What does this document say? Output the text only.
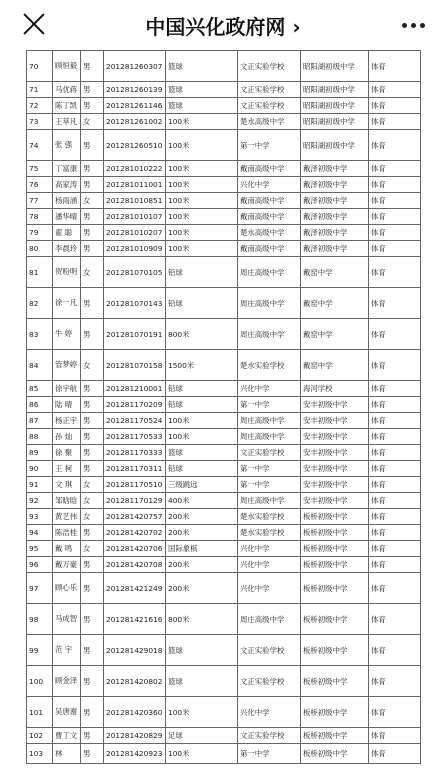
中国兴化政府网 ›
70	顾恒毅	男	201281260307	篮球	文正实验学校	昭阳湖初级中学	体育
71	马优蒋	男	201281260139	篮球	文正实验学校	昭阳湖初级中学	体育
72	陈丁凯	男	201281261146	篮球	文正实验学校	昭阳湖初级中学	体育
73	王萃凡	女	201281261002	100米	楚水高级中学	昭阳湖初级中学	体育
74	张 强	男	201281260510	100米	第一中学	昭阳湖初级中学	体育
75	丁富康	男	201281010222	100米	戴南高级中学	戴泽初级中学	体育
76	高家涛	男	201281011001	100米	兴化中学	戴泽初级中学	体育
77	杨雨涵	女	201281010851	100米	戴南高级中学	戴泽初级中学	体育
78	潘华晴	男	201281010107	100米	戴南高级中学	戴泽初级中学	体育
79	翟 聪	男	201281010207	100米	楚水高级中学	戴泽初级中学	体育
80	李晨玲	男	201281010909	100米	戴南高级中学	戴泽初级中学	体育
81	贺粉明	女	201281070105	铅球	周庄高级中学	戴窑中学	体育
82	徐一凡	男	201281070143	铅球	周庄高级中学	戴窑中学	体育
83	牛 婷	男	201281070191	800米	周庄高级中学	戴窑中学	体育
84	管梦婷	女	201281070158	1500米	楚水实验学校	戴窑中学	体育
85	徐宇航	男	201281210001	铅球	兴化中学	海河学校	体育
86	陆 晴	男	201281170209	铅球	第一中学	安丰初级中学	体育
87	杨正宇	男	201281170524	100米	周庄高级中学	安丰初级中学	体育
88	孙 灿	男	201281170533	100米	周庄高级中学	安丰初级中学	体育
89	徐 聚	男	201281170333	篮球	文正实验学校	安丰初级中学	体育
90	王 柯	男	201281170311	铅球	第一中学	安丰初级中学	体育
91	文 琪	女	201281170510	三级跳远	第一中学	安丰初级中学	体育
92	邹晗晗	女	201281170129	400米	周庄高级中学	安丰初级中学	体育
93	黄艺伟	女	201281420757	200米	楚水实验学校	板桥初级中学	体育
94	陈浩桂	男	201281420702	200米	楚水实验学校	板桥初级中学	体育
95	戴 鸣	女	201281420706	国际象棋	兴化中学	板桥初级中学	体育
96	戴万豪	男	201281420708	200米	兴化中学	板桥初级中学	体育
97	顾心乐	男	201281421249	200米	兴化中学	板桥初级中学	体育
98	马成智	男	201281421616	800米	周庄高级中学	板桥初级中学	体育
99	范 宇	男	201281429018	篮球	文正实验学校	板桥初级中学	体育
100	顾金泽	男	201281420802	篮球	文正实验学校	板桥初级中学	体育
101	吴唐谢	男	201281420360	100米	兴化中学	板桥初级中学	体育
102	曹丁文	男	201281420829	足球	文正实验学校	板桥初级中学	体育
103	林	男	201281420923	100米	第一中学	板桥初级中学	体育
